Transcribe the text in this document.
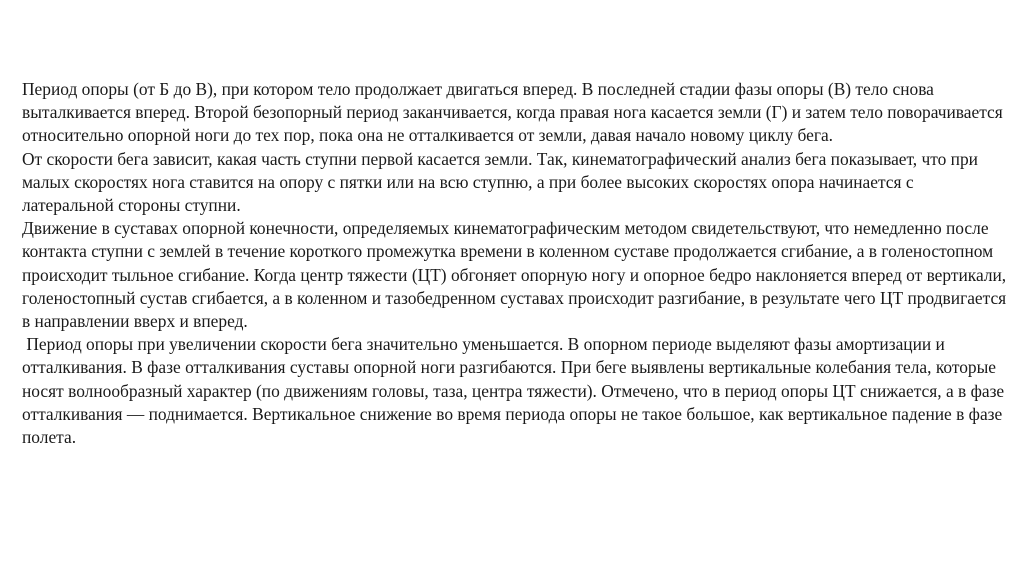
Период опоры (от Б до В), при котором тело продолжает двигаться вперед. В последней стадии фазы опоры (В) тело снова выталкивается вперед. Второй безопорный период заканчивается, когда правая нога касается земли (Г) и затем тело поворачивается относительно опорной ноги до тех пор, пока она не отталкивается от земли, давая начало новому циклу бега.

От скорости бега зависит, какая часть ступни первой касается земли. Так, кинематографический анализ бега показывает, что при малых скоростях нога ставится на опору с пятки или на всю ступню, а при более высоких скоростях опора начинается с латеральной стороны ступни.

Движение в суставах опорной конечности, определяемых кинематографическим методом свидетельствуют, что немедленно после контакта ступни с землей в течение короткого промежутка времени в коленном суставе продолжается сгибание, а в голеностопном происходит тыльное сгибание. Когда центр тяжести (ЦТ) обгоняет опорную ногу и опорное бедро наклоняется вперед от вертикали, голеностопный сустав сгибается, а в коленном и тазобедренном суставах происходит разгибание, в результате чего ЦТ продвигается в направлении вверх и вперед.

Период опоры при увеличении скорости бега значительно уменьшается. В опорном периоде выделяют фазы амортизации и отталкивания. В фазе отталкивания суставы опорной ноги разгибаются. При беге выявлены вертикальные колебания тела, которые носят волнообразный характер (по движениям головы, таза, центра тяжести). Отмечено, что в период опоры ЦТ снижается, а в фазе отталкивания — поднимается. Вертикальное снижение во время периода опоры не такое большое, как вертикальное падение в фазе полета.
